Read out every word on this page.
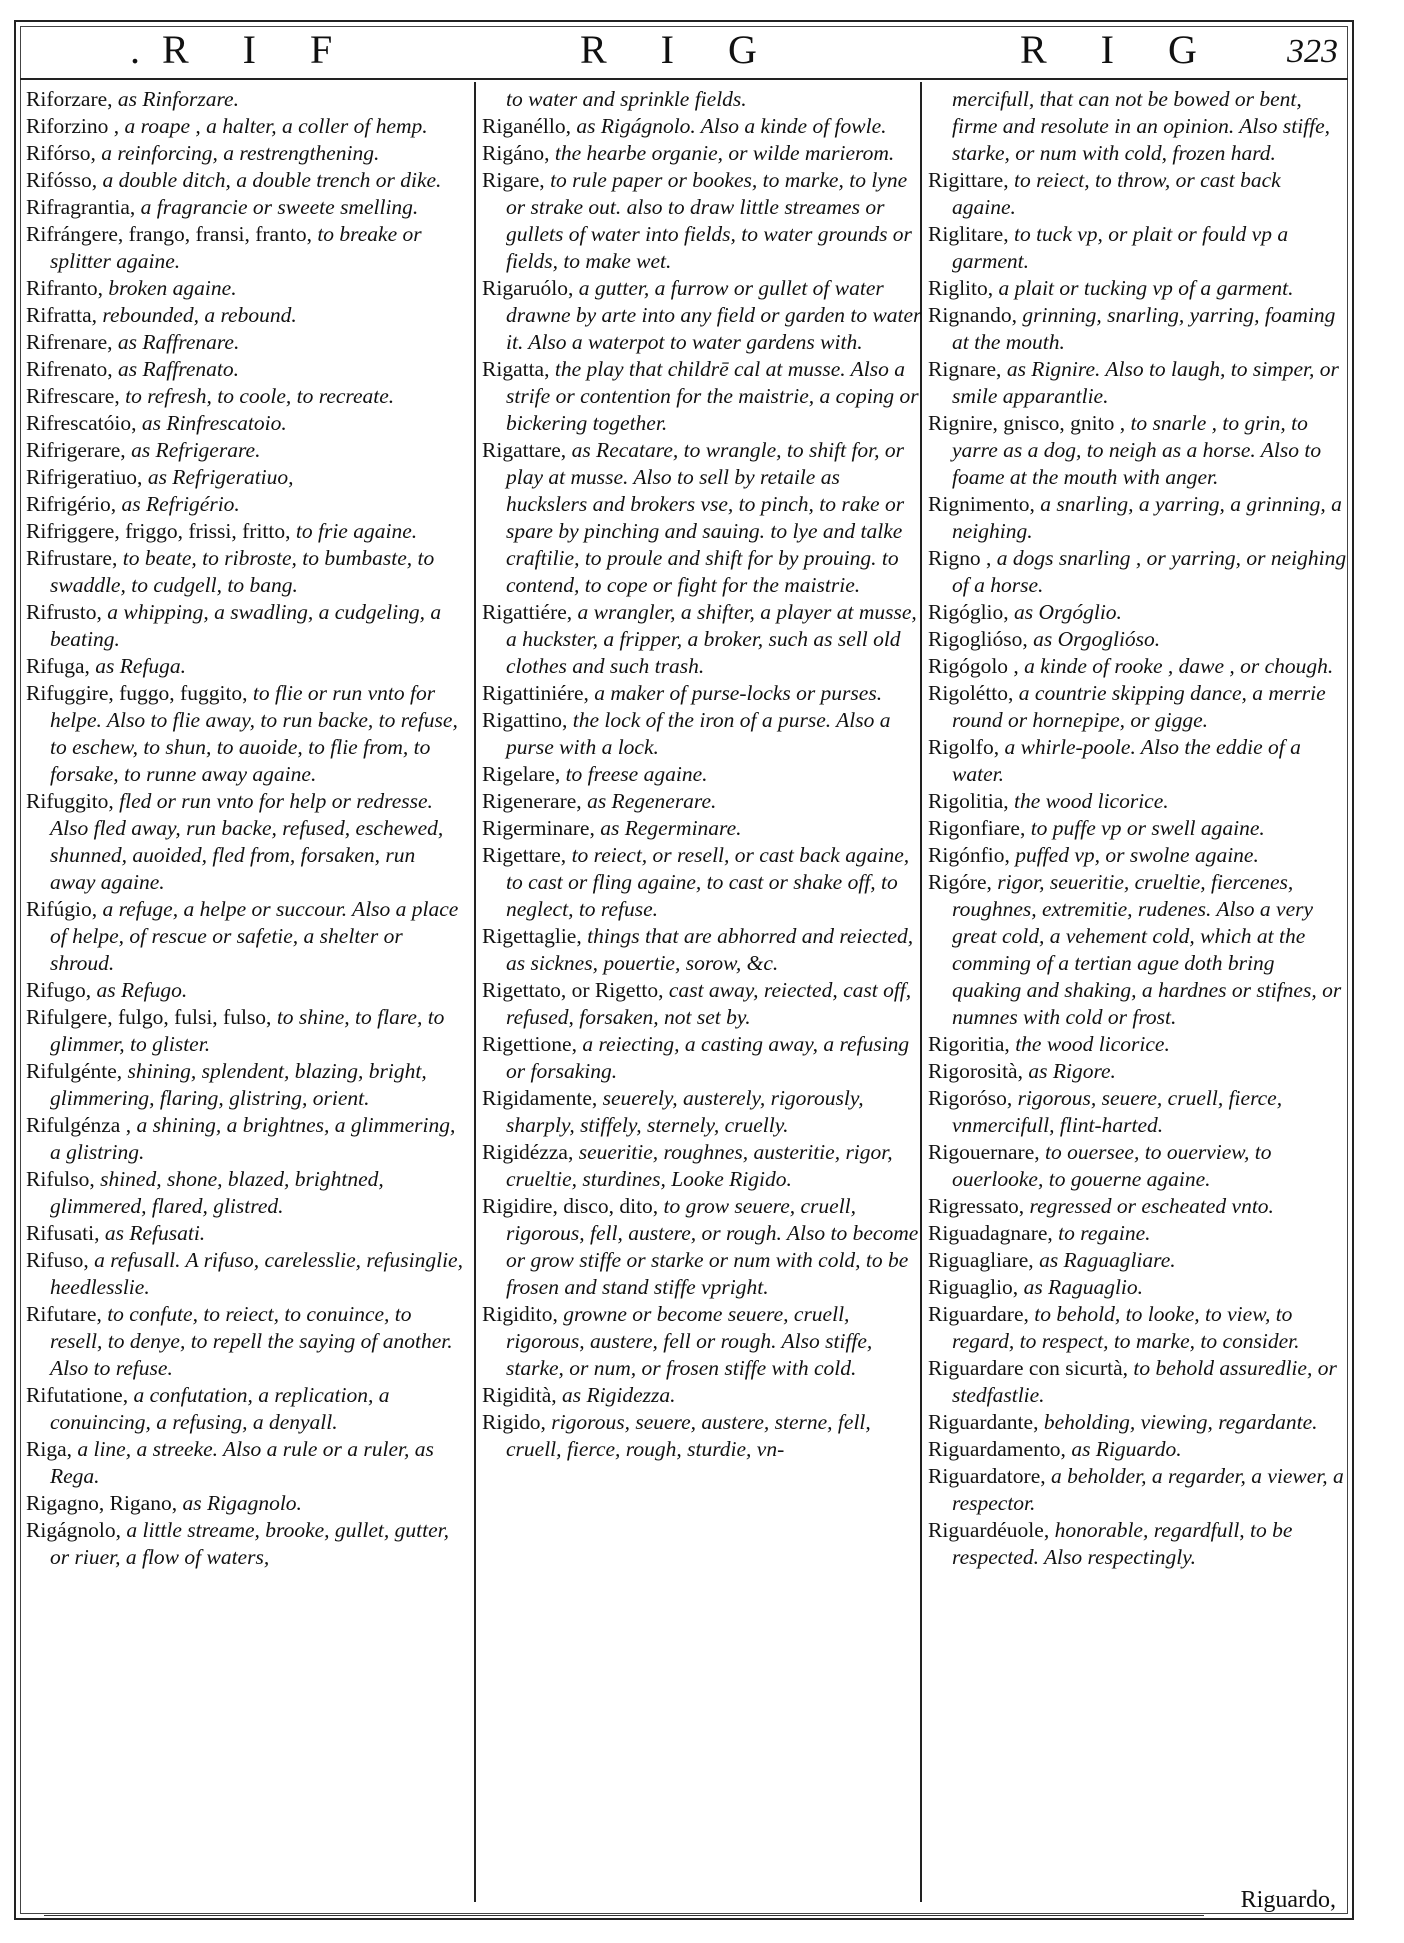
.R I F	R I G	R I G 323

Riforzare, as Rinforzare.

Riforzino , a roape , a halter, a coller of hemp.

Rifórso, a reinforcing, a restrengthening.

Rifósso, a double ditch, a double trench or dike.

Rifragrantia, a fragrancie or sweete smelling.

Rifrángere, frango, fransi, franto, to breake or splitter againe.

Rifranto, broken againe.

Rifratta, rebounded, a rebound.

Rifrenare, as Raffrenare.

Rifrenato, as Raffrenato.

Rifrescare, to refresh, to coole, to recreate.

Rifrescatóio, as Rinfrescatoio.

Rifrigerare, as Refrigerare.

Rifrigeratiuo, as Refrigeratiuo,

Rifrigério, as Refrigério.

Rifriggere, friggo, frissi, fritto, to frie againe.

Rifrustare, to beate, to ribroste, to bumbaste, to swaddle, to cudgell, to bang.

Rifrusto, a whipping, a swadling, a cudgeling, a beating.

Rifuga, as Refuga.

Rifuggire, fuggo, fuggito, to flie or run vnto for helpe. Also to flie away, to run backe, to refuse, to eschew, to shun, to auoide, to flie from, to forsake, to runne away againe.

Rifuggito, fled or run vnto for help or redresse. Also fled away, run backe, refused, eschewed, shunned, auoided, fled from, forsaken, run away againe.

Rifúgio, a refuge, a helpe or succour. Also a place of helpe, of rescue or safetie, a shelter or shroud.

Rifugo, as Refugo.

Rifulgere, fulgo, fulsi, fulso, to shine, to flare, to glimmer, to glister.

Rifulgénte, shining, splendent, blazing, bright, glimmering, flaring, glistring, orient.

Rifulgénza , a shining, a brightnes, a glimmering, a glistring.

Rifulso, shined, shone, blazed, brightned, glimmered, flared, glistred.

Rifusati, as Refusati.

Rifuso, a refusall. A rifuso, carelesslie, refusinglie, heedlesslie.

Rifutare, to confute, to reiect, to conuince, to resell, to denye, to repell the saying of another. Also to refuse.

Rifutatione, a confutation, a replication, a conuincing, a refusing, a denyall.

Riga, a line, a streeke. Also a rule or a ruler, as Rega.

Rigagno, Rigano, as Rigagnolo.

Rigágnolo, a little streame, brooke, gullet, gutter, or riuer, a flow of waters,

to water and sprinkle fields.

Riganéllo, as Rigágnolo. Also a kinde of fowle.

Rigáno, the hearbe organie, or wilde marierom.

Rigare, to rule paper or bookes, to marke, to lyne or strake out. also to draw little streames or gullets of water into fields, to water grounds or fields, to make wet.

Rigaruólo, a gutter, a furrow or gullet of water drawne by arte into any field or garden to water it. Also a waterpot to water gardens with.

Rigatta, the play that childrē cal at musse. Also a strife or contention for the maistrie, a coping or bickering together.

Rigattare, as Recatare, to wrangle, to shift for, or play at musse. Also to sell by retaile as huckslers and brokers vse, to pinch, to rake or spare by pinching and sauing. to lye and talke craftilie, to proule and shift for by prouing. to contend, to cope or fight for the maistrie.

Rigattiére, a wrangler, a shifter, a player at musse, a huckster, a fripper, a broker, such as sell old clothes and such trash.

Rigattiniére, a maker of purse-locks or purses.

Rigattino, the lock of the iron of a purse. Also a purse with a lock.

Rigelare, to freese againe.

Rigenerare, as Regenerare.

Rigerminare, as Regerminare.

Rigettare, to reiect, or resell, or cast back againe, to cast or fling againe, to cast or shake off, to neglect, to refuse.

Rigettaglie, things that are abhorred and reiected, as sicknes, pouertie, sorow, &c.

Rigettato, or Rigetto, cast away, reiected, cast off, refused, forsaken, not set by.

Rigettione, a reiecting, a casting away, a refusing or forsaking.

Rigidamente, seuerely, austerely, rigorously, sharply, stiffely, sternely, cruelly.

Rigidézza, seueritie, roughnes, austeritie, rigor, crueltie, sturdines, Looke Rigido.

Rigidire, disco, dito, to grow seuere, cruell, rigorous, fell, austere, or rough. Also to become or grow stiffe or starke or num with cold, to be frosen and stand stiffe vpright.

Rigidito, growne or become seuere, cruell, rigorous, austere, fell or rough. Also stiffe, starke, or num, or frosen stiffe with cold.

Rigidità, as Rigidezza.

Rigido, rigorous, seuere, austere, sterne, fell, cruell, fierce, rough, sturdie, vn-

mercifull, that can not be bowed or bent, firme and resolute in an opinion. Also stiffe, starke, or num with cold, frozen hard.

Rigittare, to reiect, to throw, or cast back againe.

Riglitare, to tuck vp, or plait or fould vp a garment.

Riglito, a plait or tucking vp of a garment.

Rignando, grinning, snarling, yarring, foaming at the mouth.

Rignare, as Rignire. Also to laugh, to simper, or smile apparantlie.

Rignire, gnisco, gnito , to snarle , to grin, to yarre as a dog, to neigh as a horse. Also to foame at the mouth with anger.

Rignimento, a snarling, a yarring, a grinning, a neighing.

Rigno , a dogs snarling , or yarring, or neighing of a horse.

Rigóglio, as Orgóglio.

Rigogliósо, as Orgogliósо.

Rigógolo , a kinde of rooke , dawe , or chough.

Rigolétto, a countrie skipping dance, a merrie round or hornepipe, or gigge.

Rigolfo, a whirle-poole. Also the eddie of a water.

Rigolitia, the wood licorice.

Rigonfiare, to puffe vp or swell againe.

Rigónfio, puffed vp, or swolne againe.

Rigóre, rigor, seueritie, crueltie, fiercenes, roughnes, extremitie, rudenes. Also a very great cold, a vehement cold, which at the comming of a tertian ague doth bring quaking and shaking, a hardnes or stifnes, or numnes with cold or frost.

Rigoritia, the wood licorice.

Rigorosità, as Rigore.

Rigoróso, rigorous, seuere, cruell, fierce, vnmercifull, flint-harted.

Rigouernare, to ouersee, to ouerview, to ouerlooke, to gouerne againe.

Rigressato, regressed or escheated vnto.

Riguadagnare, to regaine.

Riguagliare, as Raguagliare.

Riguaglio, as Raguaglio.

Riguardare, to behold, to looke, to view, to regard, to respect, to marke, to consider.

Riguardare con sicurtà, to behold assuredlie, or stedfastlie.

Riguardante, beholding, viewing, regardante.

Riguardamento, as Riguardo.

Riguardatore, a beholder, a regarder, a viewer, a respector.

Riguardéuole, honorable, regardfull, to be respected. Also respectingly.

Riguardo,
